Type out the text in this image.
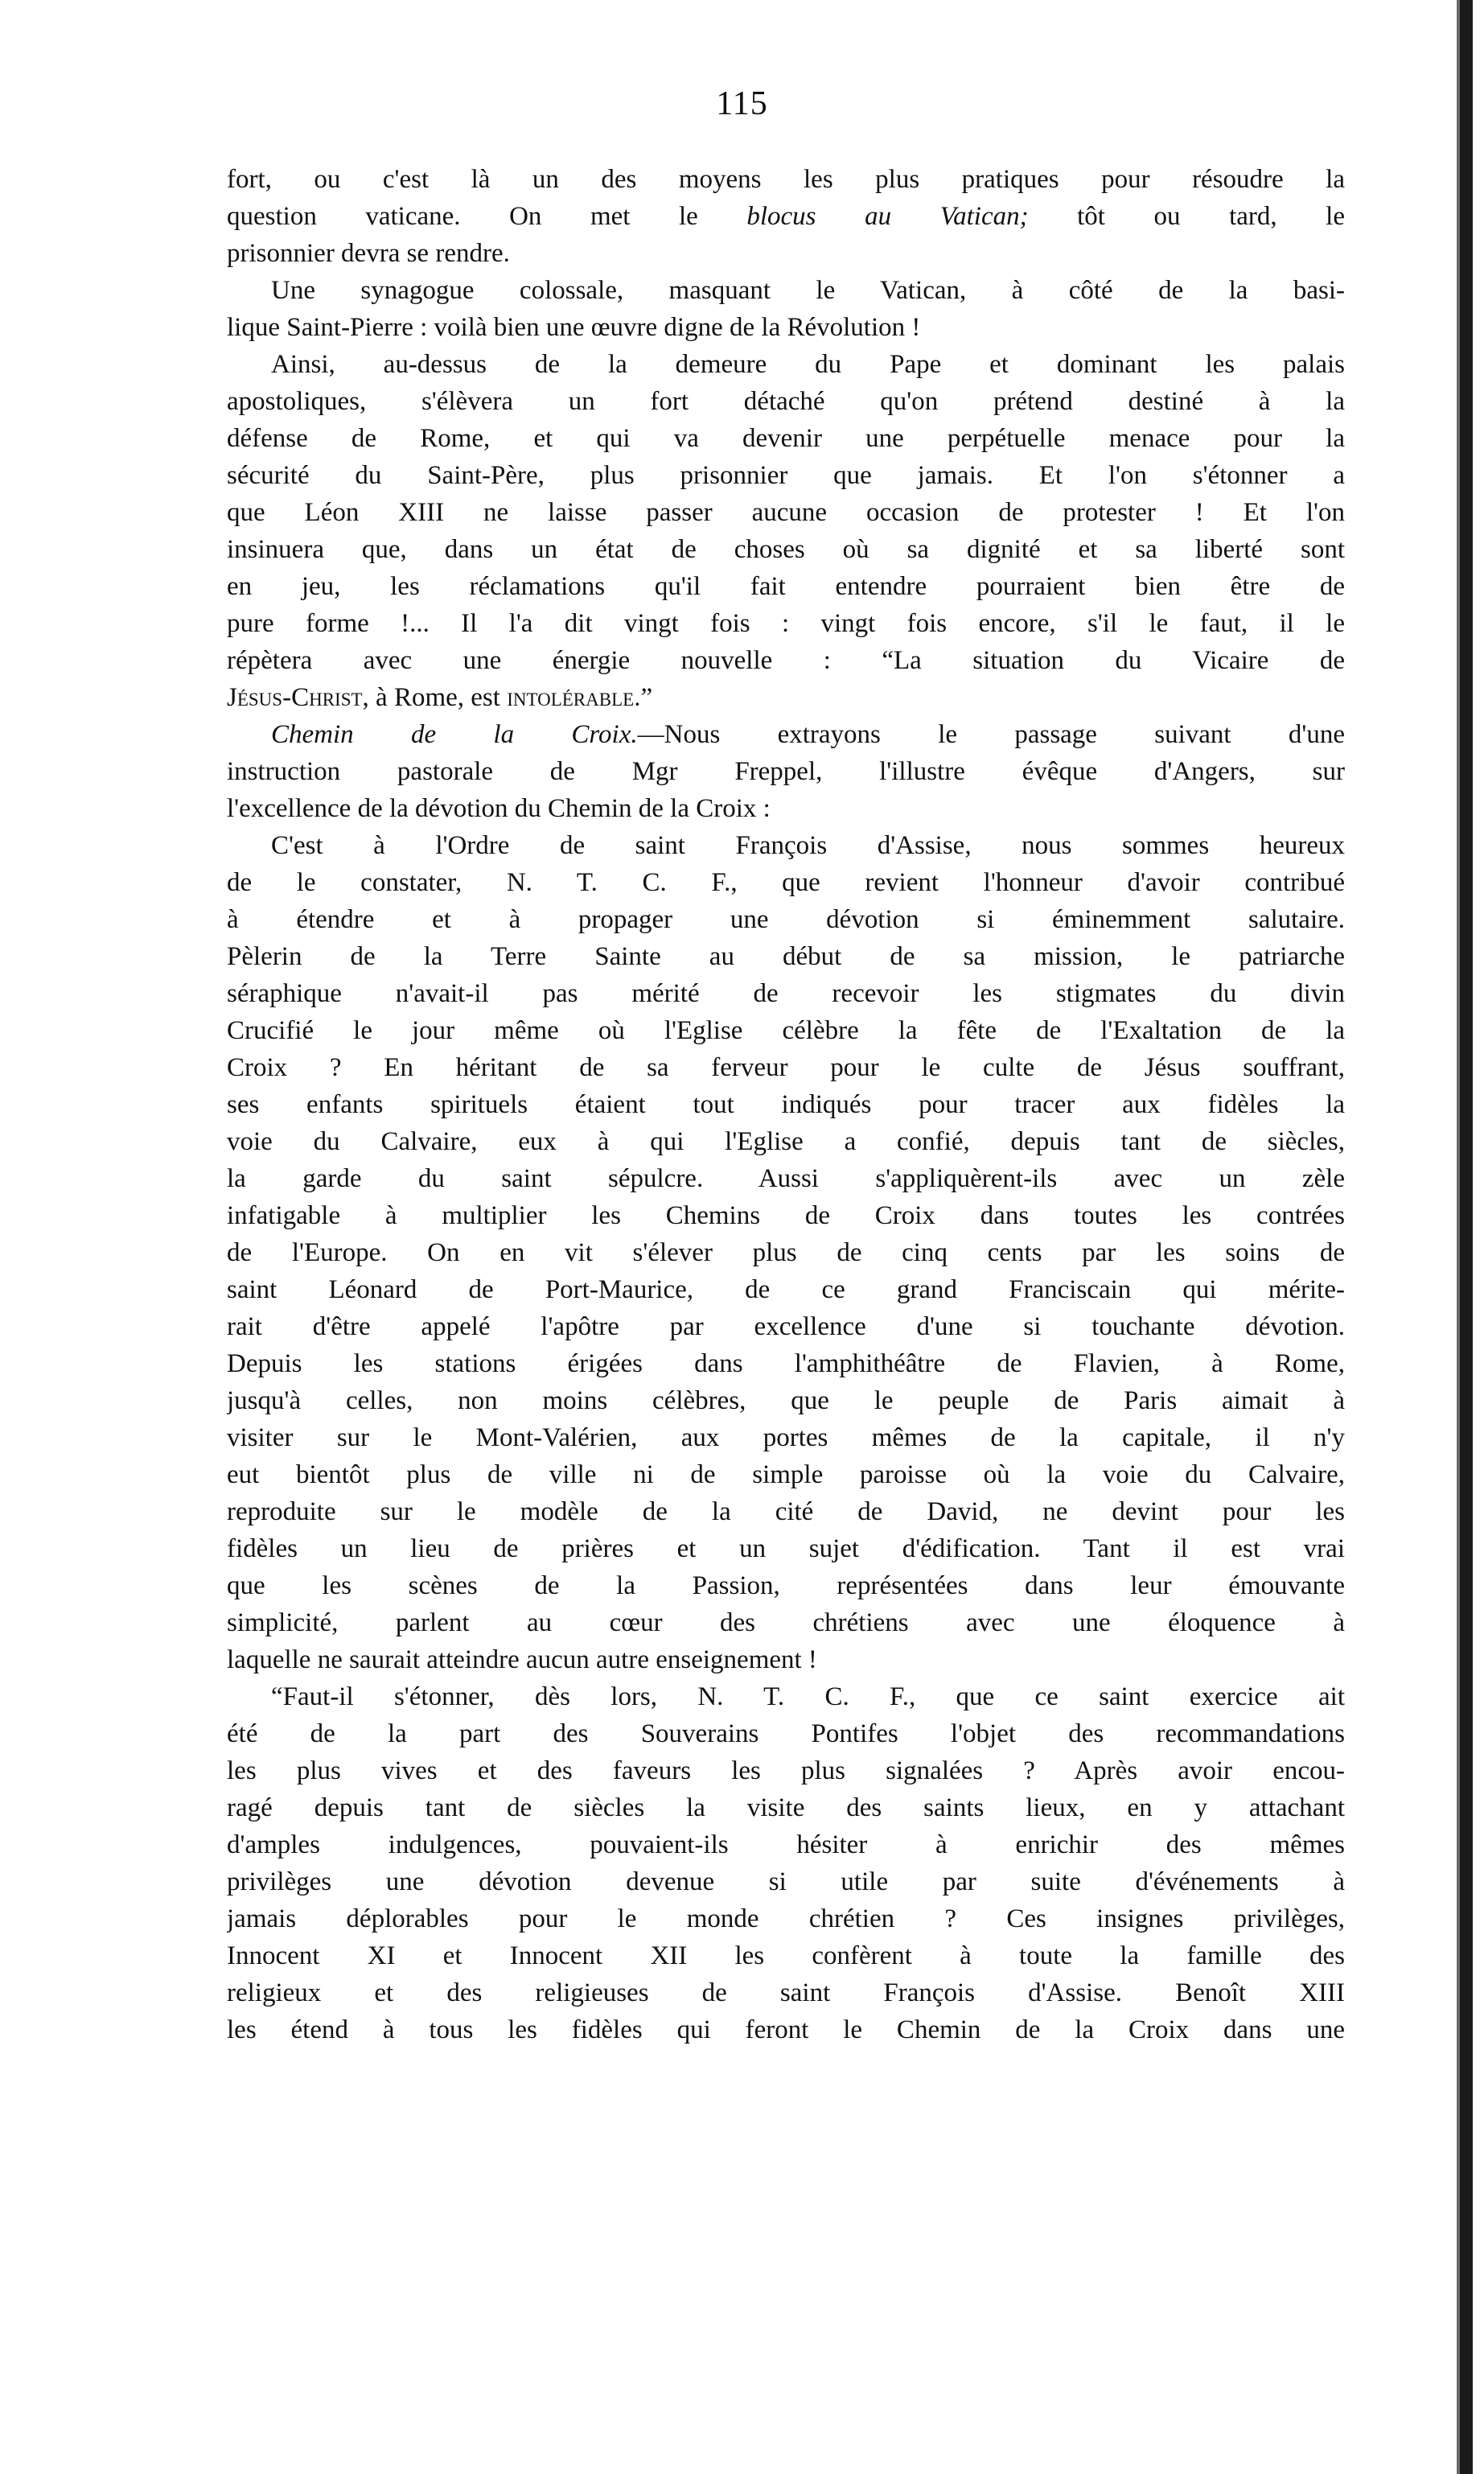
115

fort, ou c'est là un des moyens les plus pratiques pour résoudre la
question vaticane. On met le blocus au Vatican; tôt ou tard, le
prisonnier devra se rendre.

Une synagogue colossale, masquant le Vatican, à côté de la basi-
lique Saint-Pierre : voilà bien une œuvre digne de la Révolution !

Ainsi, au-dessus de la demeure du Pape et dominant les palais
apostoliques, s'élèvera un fort détaché qu'on prétend destiné à la
défense de Rome, et qui va devenir une perpétuelle menace pour la
sécurité du Saint-Père, plus prisonnier que jamais. Et l'on s'étonner a
que Léon XIII ne laisse passer aucune occasion de protester ! Et l'on
insinuera que, dans un état de choses où sa dignité et sa liberté sont
en jeu, les réclamations qu'il fait entendre pourraient bien être de
pure forme !... Il l'a dit vingt fois : vingt fois encore, s'il le faut, il le
répètera avec une énergie nouvelle : “La situation du Vicaire de
Jésus-Christ, à Rome, est intolérable.”

Chemin de la Croix.—Nous extrayons le passage suivant d'une
instruction pastorale de Mgr Freppel, l'illustre évêque d'Angers, sur
l'excellence de la dévotion du Chemin de la Croix :

C'est à l'Ordre de saint François d'Assise, nous sommes heureux
de le constater, N. T. C. F., que revient l'honneur d'avoir contribué
à étendre et à propager une dévotion si éminemment salutaire.
Pèlerin de la Terre Sainte au début de sa mission, le patriarche
séraphique n'avait-il pas mérité de recevoir les stigmates du divin
Crucifié le jour même où l'Eglise célèbre la fête de l'Exaltation de la
Croix ? En héritant de sa ferveur pour le culte de Jésus souffrant,
ses enfants spirituels étaient tout indiqués pour tracer aux fidèles la
voie du Calvaire, eux à qui l'Eglise a confié, depuis tant de siècles,
la garde du saint sépulcre. Aussi s'appliquèrent-ils avec un zèle
infatigable à multiplier les Chemins de Croix dans toutes les contrées
de l'Europe. On en vit s'élever plus de cinq cents par les soins de
saint Léonard de Port-Maurice, de ce grand Franciscain qui mérite-
rait d'être appelé l'apôtre par excellence d'une si touchante dévotion.
Depuis les stations érigées dans l'amphithéâtre de Flavien, à Rome,
jusqu'à celles, non moins célèbres, que le peuple de Paris aimait à
visiter sur le Mont-Valérien, aux portes mêmes de la capitale, il n'y
eut bientôt plus de ville ni de simple paroisse où la voie du Calvaire,
reproduite sur le modèle de la cité de David, ne devint pour les
fidèles un lieu de prières et un sujet d'édification. Tant il est vrai
que les scènes de la Passion, représentées dans leur émouvante
simplicité, parlent au cœur des chrétiens avec une éloquence à
laquelle ne saurait atteindre aucun autre enseignement !

“Faut-il s'étonner, dès lors, N. T. C. F., que ce saint exercice ait
été de la part des Souverains Pontifes l'objet des recommandations
les plus vives et des faveurs les plus signalées ? Après avoir encou-
ragé depuis tant de siècles la visite des saints lieux, en y attachant
d'amples indulgences, pouvaient-ils hésiter à enrichir des mêmes
privilèges une dévotion devenue si utile par suite d'événements à
jamais déplorables pour le monde chrétien ? Ces insignes privilèges,
Innocent XI et Innocent XII les confèrent à toute la famille des
religieux et des religieuses de saint François d'Assise. Benoît XIII
les étend à tous les fidèles qui feront le Chemin de la Croix dans une
